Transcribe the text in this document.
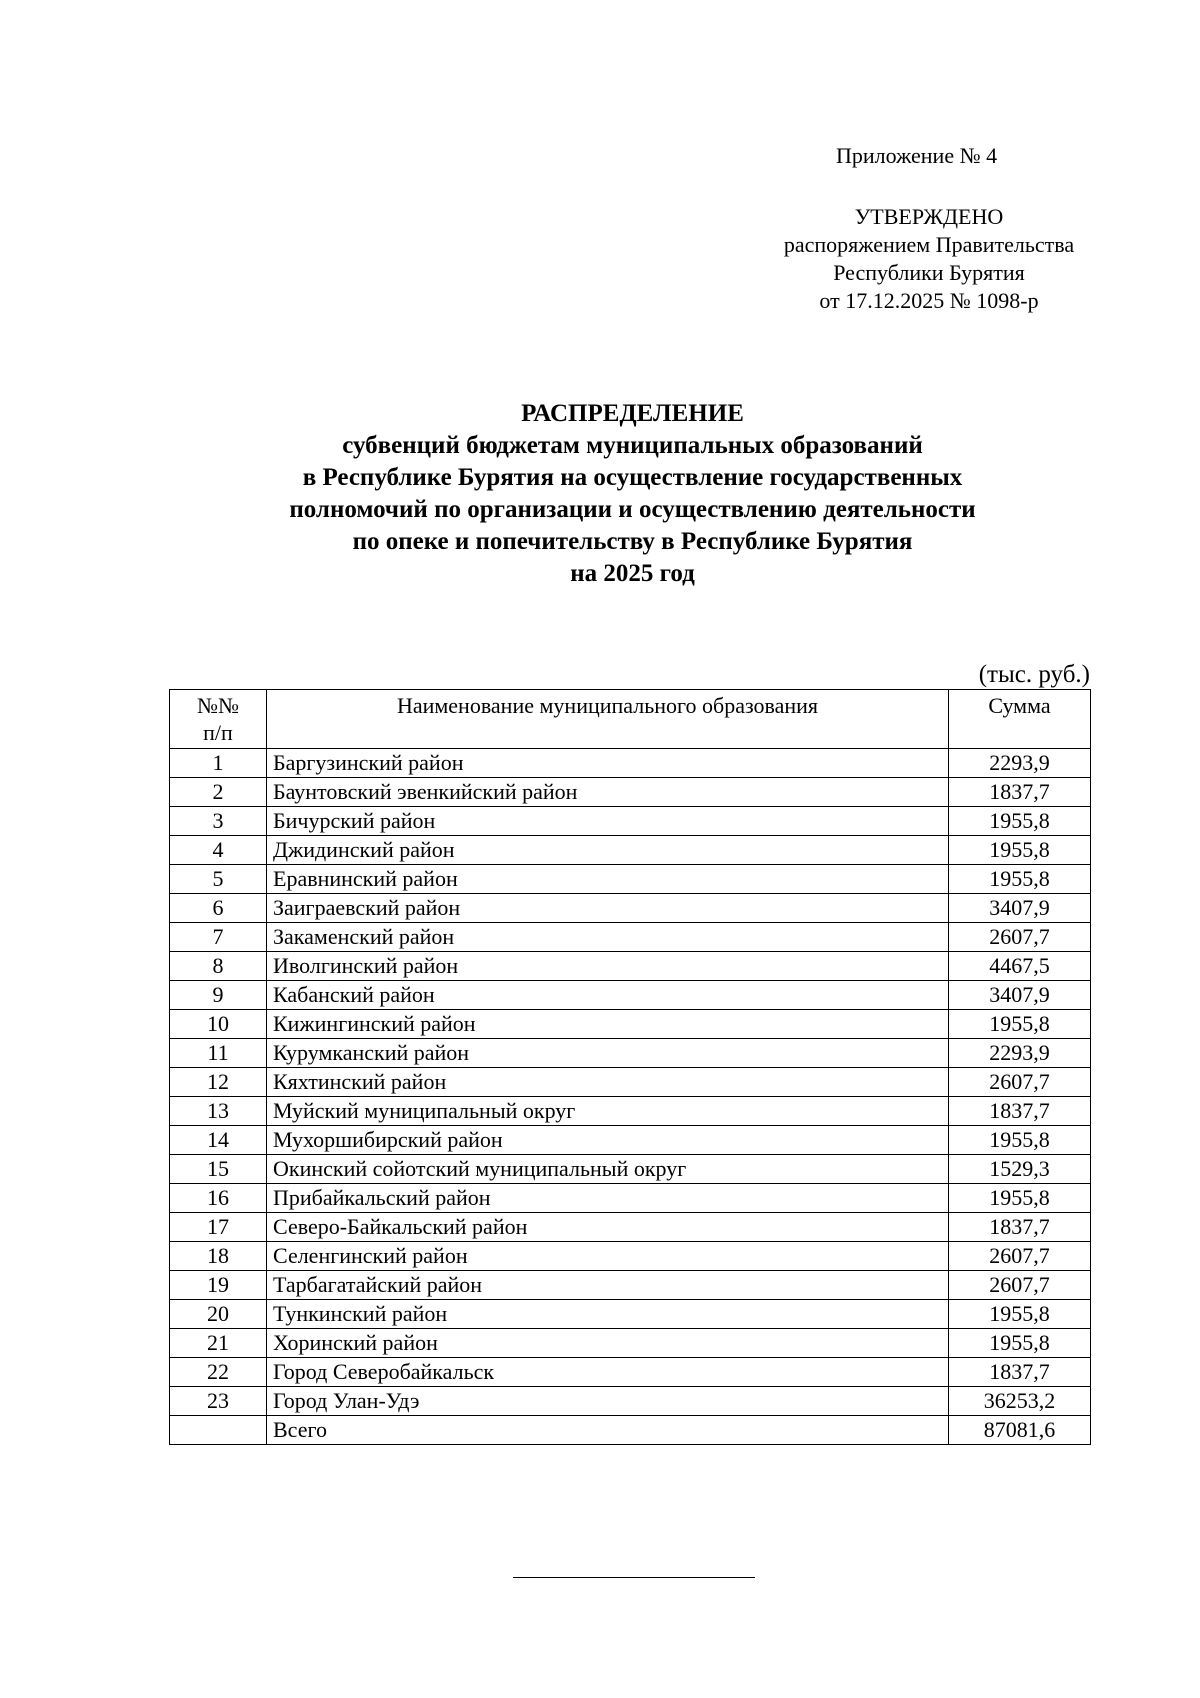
Приложение № 4
УТВЕРЖДЕНО
распоряжением Правительства
Республики Бурятия
от 17.12.2025 № 1098-р
РАСПРЕДЕЛЕНИЕ
субвенций бюджетам муниципальных образований
в Республике Бурятия на осуществление государственных
полномочий по организации и осуществлению деятельности
по опеке и попечительству в Республике Бурятия
на 2025 год
(тыс. руб.)
№№
п/п	Наименование муниципального образования	Сумма
1	Баргузинский район	2293,9
2	Баунтовский эвенкийский район	1837,7
3	Бичурский район	1955,8
4	Джидинский район	1955,8
5	Еравнинский район	1955,8
6	Заиграевский район	3407,9
7	Закаменский район	2607,7
8	Иволгинский район	4467,5
9	Кабанский район	3407,9
10	Кижингинский район	1955,8
11	Курумканский район	2293,9
12	Кяхтинский район	2607,7
13	Муйский муниципальный округ	1837,7
14	Мухоршибирский район	1955,8
15	Окинский сойотский муниципальный округ	1529,3
16	Прибайкальский район	1955,8
17	Северо-Байкальский район	1837,7
18	Селенгинский район	2607,7
19	Тарбагатайский район	2607,7
20	Тункинский район	1955,8
21	Хоринский район	1955,8
22	Город Северобайкальск	1837,7
23	Город Улан-Удэ	36253,2
	Всего	87081,6
